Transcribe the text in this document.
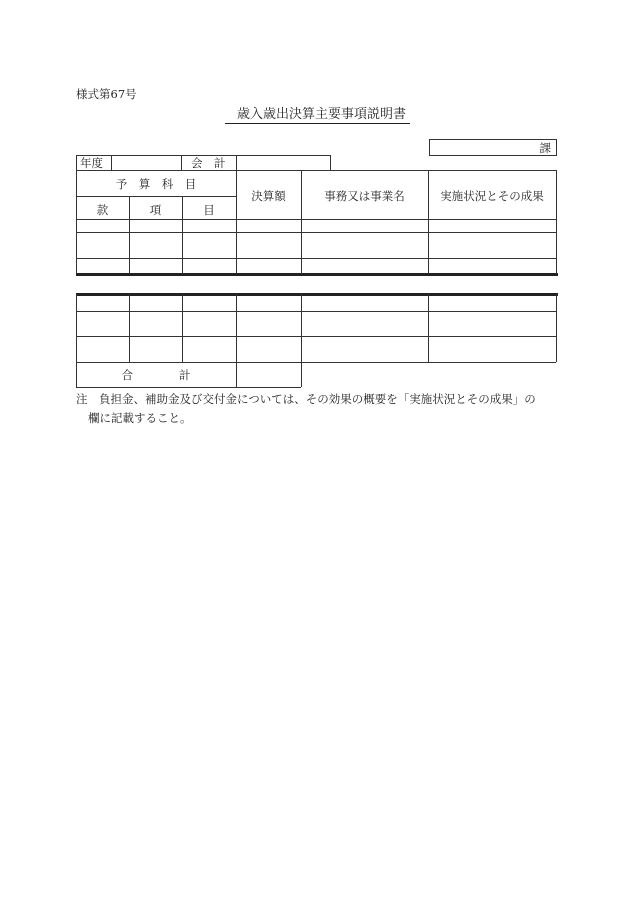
様式第67号
歳入歳出決算主要事項説明書
課
年度	会　計
予　算　科　目
款	項	目
決算額	事務又は事業名	実施状況とその成果
合　　　　計
注　負担金、補助金及び交付金については、その効果の概要を「実施状況とその成果」の
欄に記載すること。
